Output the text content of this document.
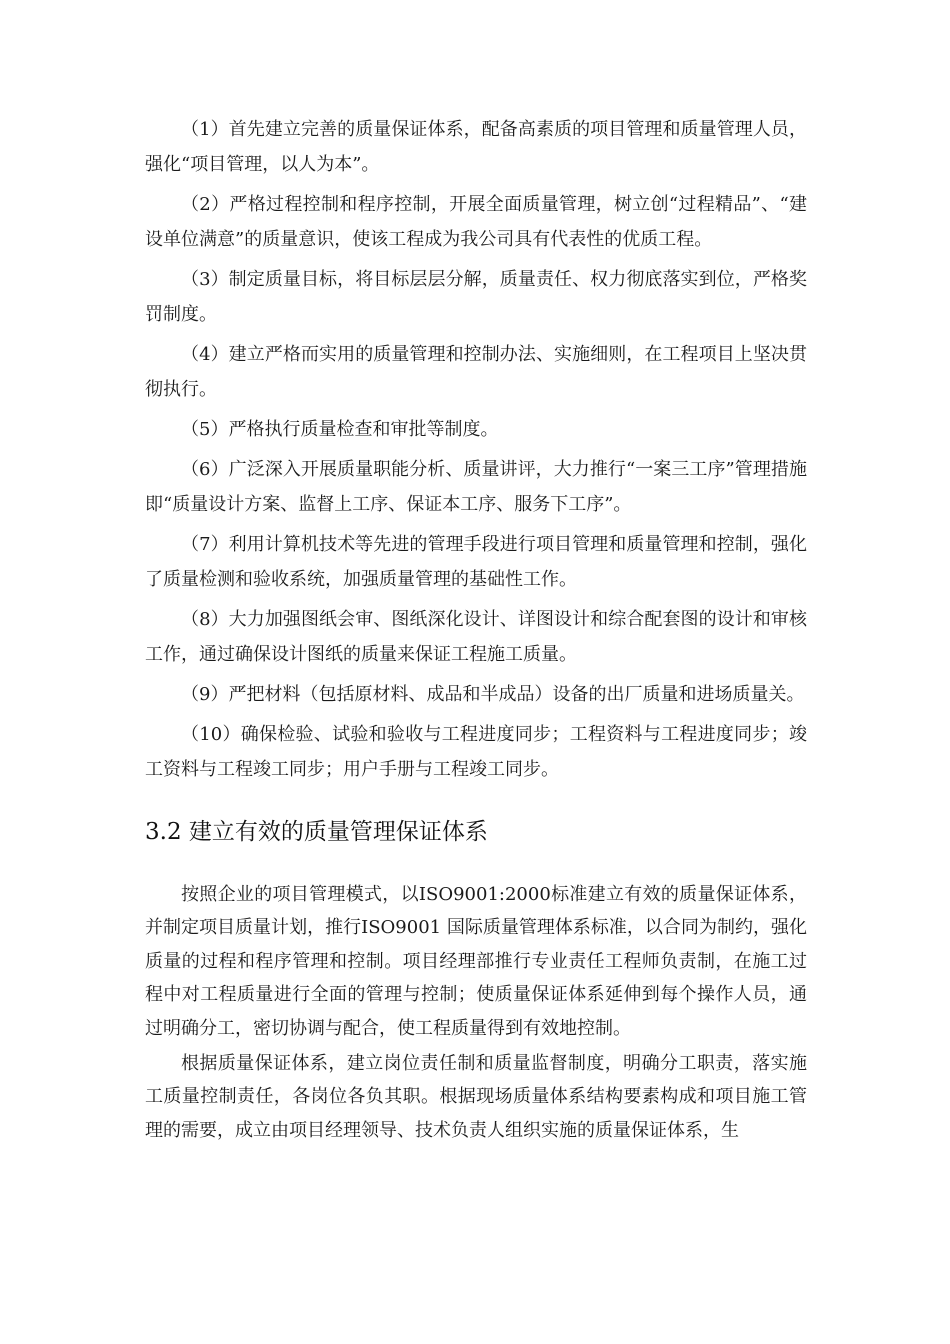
（1）首先建立完善的质量保证体系，配备高素质的项目管理和质量管理人员，强化“项目管理，以人为本”。

（2）严格过程控制和程序控制，开展全面质量管理，树立创“过程精品”、“建设单位满意”的质量意识，使该工程成为我公司具有代表性的优质工程。

（3）制定质量目标，将目标层层分解，质量责任、权力彻底落实到位，严格奖罚制度。

（4）建立严格而实用的质量管理和控制办法、实施细则，在工程项目上坚决贯彻执行。

（5）严格执行质量检查和审批等制度。

（6）广泛深入开展质量职能分析、质量讲评，大力推行“一案三工序”管理措施即“质量设计方案、监督上工序、保证本工序、服务下工序”。

（7）利用计算机技术等先进的管理手段进行项目管理和质量管理和控制，强化了质量检测和验收系统，加强质量管理的基础性工作。

（8）大力加强图纸会审、图纸深化设计、详图设计和综合配套图的设计和审核工作，通过确保设计图纸的质量来保证工程施工质量。

（9）严把材料（包括原材料、成品和半成品）设备的出厂质量和进场质量关。

（10）确保检验、试验和验收与工程进度同步；工程资料与工程进度同步；竣工资料与工程竣工同步；用户手册与工程竣工同步。

3.2 建立有效的质量管理保证体系

按照企业的项目管理模式，以ISO9001:2000标准建立有效的质量保证体系，并制定项目质量计划，推行ISO9001 国际质量管理体系标准，以合同为制约，强化质量的过程和程序管理和控制。项目经理部推行专业责任工程师负责制，在施工过程中对工程质量进行全面的管理与控制；使质量保证体系延伸到每个操作人员，通过明确分工，密切协调与配合，使工程质量得到有效地控制。

根据质量保证体系，建立岗位责任制和质量监督制度，明确分工职责，落实施工质量控制责任，各岗位各负其职。根据现场质量体系结构要素构成和项目施工管理的需要，成立由项目经理领导、技术负责人组织实施的质量保证体系，生
